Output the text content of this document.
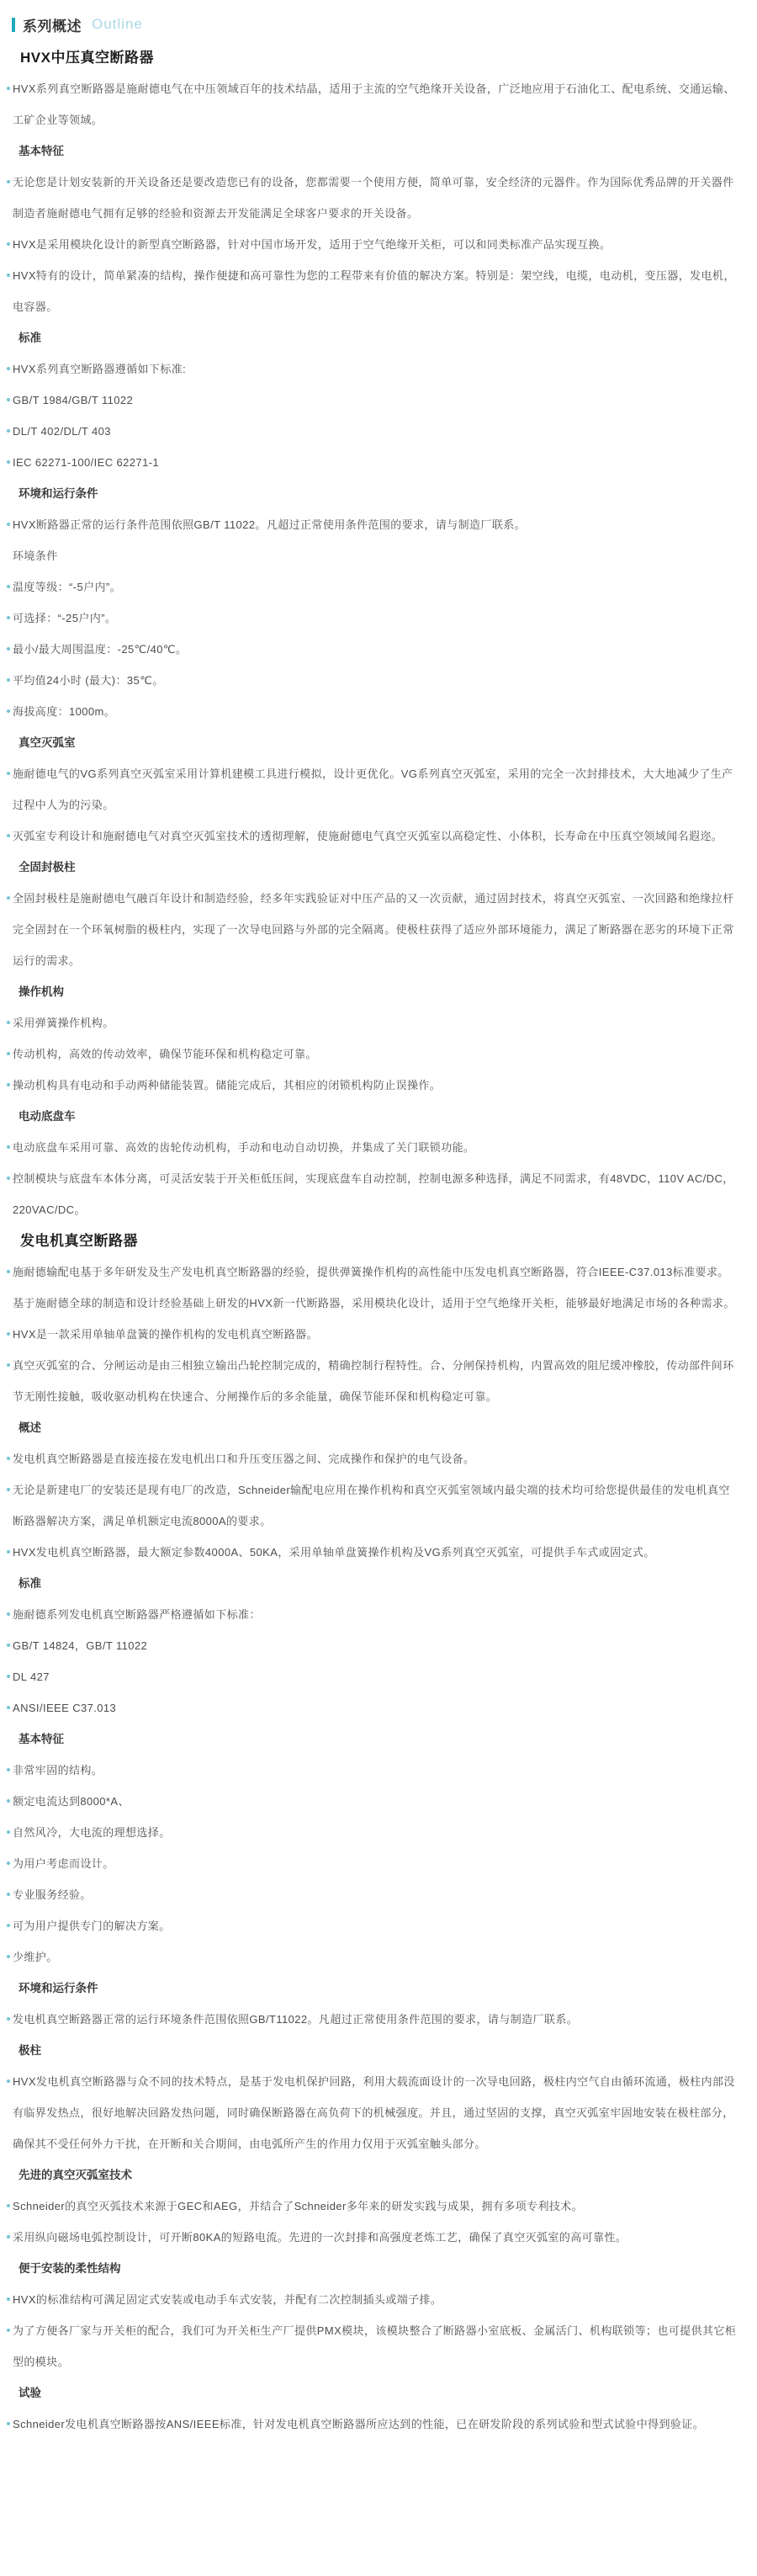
系列概述 Outline
HVX中压真空断路器
HVX系列真空断路器是施耐德电气在中压领域百年的技术结晶，适用于主流的空气绝缘开关设备，广泛地应用于石油化工、配电系统、交通运输、工矿企业等领域。
基本特征
无论您是计划安装新的开关设备还是要改造您已有的设备，您都需要一个使用方便，简单可靠，安全经济的元器件。作为国际优秀品牌的开关器件制造者施耐德电气拥有足够的经验和资源去开发能满足全球客户要求的开关设备。
HVX是采用模块化设计的新型真空断路器，针对中国市场开发，适用于空气绝缘开关柜，可以和同类标准产品实现互换。
HVX特有的设计，简单紧凑的结构，操作便捷和高可靠性为您的工程带来有价值的解决方案。特别是：架空线，电缆，电动机，变压器，发电机，电容器。
标准
HVX系列真空断路器遵循如下标准:
GB/T 1984/GB/T 11022
DL/T 402/DL/T 403
IEC 62271-100/IEC 62271-1
环境和运行条件
HVX断路器正常的运行条件范围依照GB/T 11022。凡超过正常使用条件范围的要求，请与制造厂联系。
环境条件
温度等级：“-5户内”。
可选择：“-25户内”。
最小/最大周围温度：-25℃/40℃。
平均值24小时 (最大)：35℃。
海拔高度：1000m。
真空灭弧室
施耐德电气的VG系列真空灭弧室采用计算机建模工具进行模拟，设计更优化。VG系列真空灭弧室，采用的完全一次封排技术，大大地减少了生产过程中人为的污染。
灭弧室专利设计和施耐德电气对真空灭弧室技术的透彻理解，使施耐德电气真空灭弧室以高稳定性、小体积，长寿命在中压真空领域闻名遐迩。
全固封极柱
全固封极柱是施耐德电气融百年设计和制造经验，经多年实践验证对中压产品的又一次贡献，通过固封技术，将真空灭弧室、一次回路和绝缘拉杆完全固封在一个环氧树脂的极柱内，实现了一次导电回路与外部的完全隔离。使极柱获得了适应外部环境能力，满足了断路器在恶劣的环境下正常运行的需求。
操作机构
采用弹簧操作机构。
传动机构，高效的传动效率，确保节能环保和机构稳定可靠。
操动机构具有电动和手动两种储能装置。储能完成后，其相应的闭锁机构防止误操作。
电动底盘车
电动底盘车采用可靠、高效的齿轮传动机构，手动和电动自动切换，并集成了关门联锁功能。
控制模块与底盘车本体分离，可灵活安装于开关柜低压间，实现底盘车自动控制，控制电源多种选择，满足不同需求，有48VDC，110V AC/DC，220VAC/DC。
发电机真空断路器
施耐德输配电基于多年研发及生产发电机真空断路器的经验，提供弹簧操作机构的高性能中压发电机真空断路器，符合IEEE-C37.013标准要求。基于施耐德全球的制造和设计经验基础上研发的HVX新一代断路器，采用模块化设计，适用于空气绝缘开关柜，能够最好地满足市场的各种需求。
HVX是一款采用单轴单盘簧的操作机构的发电机真空断路器。
真空灭弧室的合、分闸运动是由三相独立输出凸轮控制完成的，精确控制行程特性。合、分闸保持机构，内置高效的阻尼缓冲橡胶，传动部件间环节无刚性接触，吸收驱动机构在快速合、分闸操作后的多余能量，确保节能环保和机构稳定可靠。
概述
发电机真空断路器是直接连接在发电机出口和升压变压器之间、完成操作和保护的电气设备。
无论是新建电厂的安装还是现有电厂的改造，Schneider输配电应用在操作机构和真空灭弧室领域内最尖端的技术均可给您提供最佳的发电机真空断路器解决方案，满足单机额定电流8000A的要求。
HVX发电机真空断路器，最大额定参数4000A、50KA，采用单轴单盘簧操作机构及VG系列真空灭弧室，可提供手车式或固定式。
标准
施耐德系列发电机真空断路器严格遵循如下标准：
GB/T 14824，GB/T 11022
DL 427
ANSI/IEEE C37.013
基本特征
非常牢固的结构。
额定电流达到8000*A、
自然风冷，大电流的理想选择。
为用户考虑而设计。
专业服务经验。
可为用户提供专门的解决方案。
少维护。
环境和运行条件
发电机真空断路器正常的运行环境条件范围依照GB/T11022。凡超过正常使用条件范围的要求，请与制造厂联系。
极柱
HVX发电机真空断路器与众不同的技术特点，是基于发电机保护回路，利用大载流面设计的一次导电回路，极柱内空气自由循环流通，极柱内部没有临界发热点，很好地解决回路发热问题，同时确保断路器在高负荷下的机械强度。并且，通过坚固的支撑，真空灭弧室牢固地安装在极柱部分，确保其不受任何外力干扰，在开断和关合期间，由电弧所产生的作用力仅用于灭弧室触头部分。
先进的真空灭弧室技术
Schneider的真空灭弧技术来源于GEC和AEG，并结合了Schneider多年来的研发实践与成果，拥有多项专利技术。
采用纵向磁场电弧控制设计，可开断80KA的短路电流。先进的一次封排和高强度老炼工艺，确保了真空灭弧室的高可靠性。
便于安装的柔性结构
HVX的标准结构可满足固定式安装或电动手车式安装，并配有二次控制插头或端子排。
为了方便各厂家与开关柜的配合，我们可为开关柜生产厂提供PMX模块，该模块整合了断路器小室底板、金属活门、机构联锁等；也可提供其它柜型的模块。
试验
Schneider发电机真空断路器按ANS/IEEE标准，针对发电机真空断路器所应达到的性能，已在研发阶段的系列试验和型式试验中得到验证。
